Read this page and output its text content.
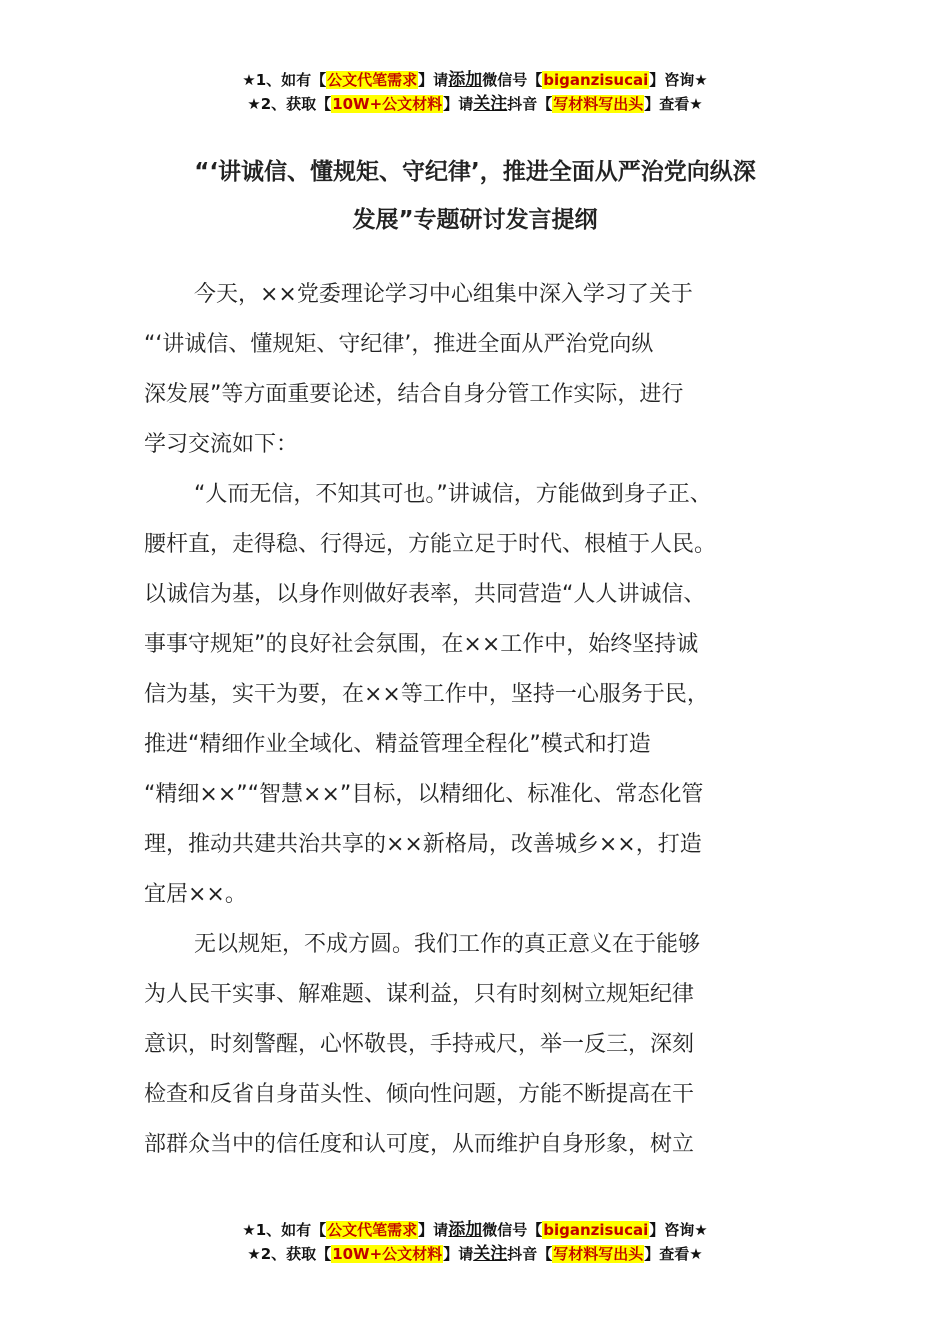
★1、如有【公文代笔需求】请添加微信号【biganzisucai】咨询★
★2、获取【10W+公文材料】请关注抖音【写材料写出头】查看★
“‘讲诚信、懂规矩、守纪律’，推进全面从严治党向纵深
发展”专题研讨发言提纲
今天，××党委理论学习中心组集中深入学习了关于
“‘讲诚信、懂规矩、守纪律’，推进全面从严治党向纵
深发展”等方面重要论述，结合自身分管工作实际，进行
学习交流如下：
“人而无信，不知其可也。”讲诚信，方能做到身子正、
腰杆直，走得稳、行得远，方能立足于时代、根植于人民。
以诚信为基，以身作则做好表率，共同营造“人人讲诚信、
事事守规矩”的良好社会氛围，在××工作中，始终坚持诚
信为基，实干为要，在××等工作中，坚持一心服务于民，
推进“精细作业全域化、精益管理全程化”模式和打造
“精细××”“智慧××”目标，以精细化、标准化、常态化管
理，推动共建共治共享的××新格局，改善城乡××，打造
宜居××。
无以规矩，不成方圆。我们工作的真正意义在于能够
为人民干实事、解难题、谋利益，只有时刻树立规矩纪律
意识，时刻警醒，心怀敬畏，手持戒尺，举一反三，深刻
检查和反省自身苗头性、倾向性问题，方能不断提高在干
部群众当中的信任度和认可度，从而维护自身形象，树立
★1、如有【公文代笔需求】请添加微信号【biganzisucai】咨询★
★2、获取【10W+公文材料】请关注抖音【写材料写出头】查看★
